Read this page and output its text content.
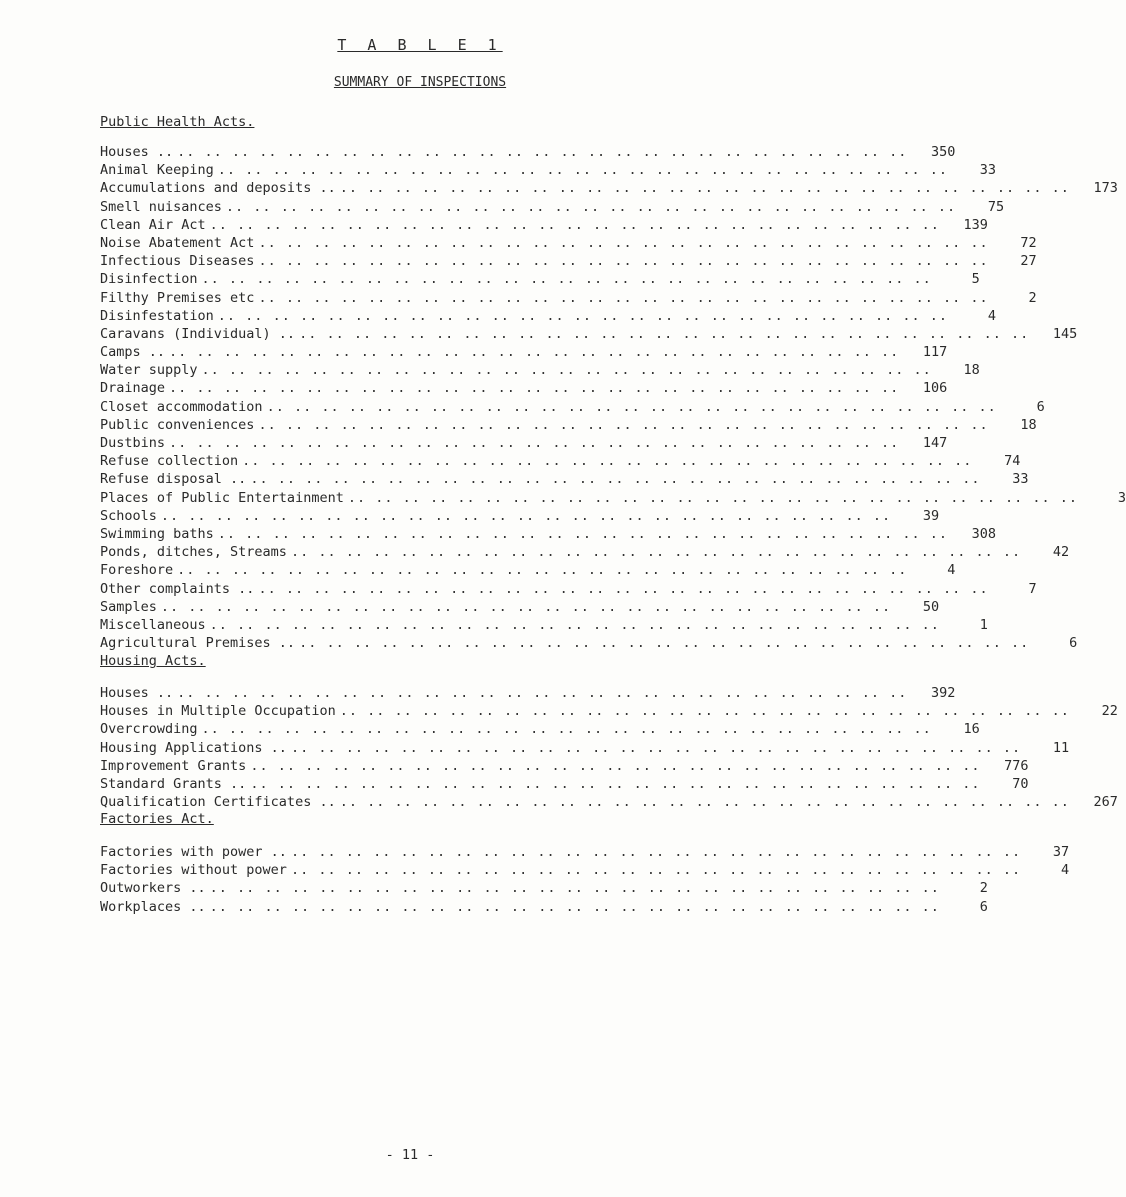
T A B L E 1
SUMMARY OF INSPECTIONS
Public Health Acts.
Houses .. .. .. .. .. .. .. .. .. .. .. .. .. .. .. .. .. .. .. .. .. .. .. .. .. .. .. ..	350
Animal Keeping .. .. .. .. .. .. .. .. .. .. .. .. .. .. .. .. .. .. .. .. .. .. .. .. .. .. ..	33
Accumulations and deposits .. .. .. .. .. .. .. .. .. .. .. .. .. .. .. .. .. .. .. .. .. .. .. .. .. .. .. ..	173
Smell nuisances .. .. .. .. .. .. .. .. .. .. .. .. .. .. .. .. .. .. .. .. .. .. .. .. .. .. ..	75
Clean Air Act .. .. .. .. .. .. .. .. .. .. .. .. .. .. .. .. .. .. .. .. .. .. .. .. .. .. ..	139
Noise Abatement Act .. .. .. .. .. .. .. .. .. .. .. .. .. .. .. .. .. .. .. .. .. .. .. .. .. .. ..	72
Infectious Diseases .. .. .. .. .. .. .. .. .. .. .. .. .. .. .. .. .. .. .. .. .. .. .. .. .. .. ..	27
Disinfection .. .. .. .. .. .. .. .. .. .. .. .. .. .. .. .. .. .. .. .. .. .. .. .. .. .. ..	5
Filthy Premises etc .. .. .. .. .. .. .. .. .. .. .. .. .. .. .. .. .. .. .. .. .. .. .. .. .. .. ..	2
Disinfestation .. .. .. .. .. .. .. .. .. .. .. .. .. .. .. .. .. .. .. .. .. .. .. .. .. .. ..	4
Caravans (Individual) .. .. .. .. .. .. .. .. .. .. .. .. .. .. .. .. .. .. .. .. .. .. .. .. .. .. .. ..	145
Camps .. .. .. .. .. .. .. .. .. .. .. .. .. .. .. .. .. .. .. .. .. .. .. .. .. .. .. ..	117
Water supply .. .. .. .. .. .. .. .. .. .. .. .. .. .. .. .. .. .. .. .. .. .. .. .. .. .. ..	18
Drainage .. .. .. .. .. .. .. .. .. .. .. .. .. .. .. .. .. .. .. .. .. .. .. .. .. .. ..	106
Closet accommodation .. .. .. .. .. .. .. .. .. .. .. .. .. .. .. .. .. .. .. .. .. .. .. .. .. .. ..	6
Public conveniences .. .. .. .. .. .. .. .. .. .. .. .. .. .. .. .. .. .. .. .. .. .. .. .. .. .. ..	18
Dustbins .. .. .. .. .. .. .. .. .. .. .. .. .. .. .. .. .. .. .. .. .. .. .. .. .. .. ..	147
Refuse collection .. .. .. .. .. .. .. .. .. .. .. .. .. .. .. .. .. .. .. .. .. .. .. .. .. .. ..	74
Refuse disposal .. .. .. .. .. .. .. .. .. .. .. .. .. .. .. .. .. .. .. .. .. .. .. .. .. .. .. ..	33
Places of Public Entertainment .. .. .. .. .. .. .. .. .. .. .. .. .. .. .. .. .. .. .. .. .. .. .. .. .. .. ..	3
Schools .. .. .. .. .. .. .. .. .. .. .. .. .. .. .. .. .. .. .. .. .. .. .. .. .. .. ..	39
Swimming baths .. .. .. .. .. .. .. .. .. .. .. .. .. .. .. .. .. .. .. .. .. .. .. .. .. .. ..	308
Ponds, ditches, Streams .. .. .. .. .. .. .. .. .. .. .. .. .. .. .. .. .. .. .. .. .. .. .. .. .. .. ..	42
Foreshore .. .. .. .. .. .. .. .. .. .. .. .. .. .. .. .. .. .. .. .. .. .. .. .. .. .. ..	4
Other complaints .. .. .. .. .. .. .. .. .. .. .. .. .. .. .. .. .. .. .. .. .. .. .. .. .. .. .. ..	7
Samples .. .. .. .. .. .. .. .. .. .. .. .. .. .. .. .. .. .. .. .. .. .. .. .. .. .. ..	50
Miscellaneous .. .. .. .. .. .. .. .. .. .. .. .. .. .. .. .. .. .. .. .. .. .. .. .. .. .. ..	1
Agricultural Premises .. .. .. .. .. .. .. .. .. .. .. .. .. .. .. .. .. .. .. .. .. .. .. .. .. .. .. ..	6
Housing Acts.
Houses .. .. .. .. .. .. .. .. .. .. .. .. .. .. .. .. .. .. .. .. .. .. .. .. .. .. .. ..	392
Houses in Multiple Occupation .. .. .. .. .. .. .. .. .. .. .. .. .. .. .. .. .. .. .. .. .. .. .. .. .. .. ..	22
Overcrowding .. .. .. .. .. .. .. .. .. .. .. .. .. .. .. .. .. .. .. .. .. .. .. .. .. .. ..	16
Housing Applications .. .. .. .. .. .. .. .. .. .. .. .. .. .. .. .. .. .. .. .. .. .. .. .. .. .. .. ..	11
Improvement Grants .. .. .. .. .. .. .. .. .. .. .. .. .. .. .. .. .. .. .. .. .. .. .. .. .. .. ..	776
Standard Grants .. .. .. .. .. .. .. .. .. .. .. .. .. .. .. .. .. .. .. .. .. .. .. .. .. .. .. ..	70
Qualification Certificates .. .. .. .. .. .. .. .. .. .. .. .. .. .. .. .. .. .. .. .. .. .. .. .. .. .. .. ..	267
Factories Act.
Factories with power .. .. .. .. .. .. .. .. .. .. .. .. .. .. .. .. .. .. .. .. .. .. .. .. .. .. .. ..	37
Factories without power .. .. .. .. .. .. .. .. .. .. .. .. .. .. .. .. .. .. .. .. .. .. .. .. .. .. ..	4
Outworkers .. .. .. .. .. .. .. .. .. .. .. .. .. .. .. .. .. .. .. .. .. .. .. .. .. .. .. ..	2
Workplaces .. .. .. .. .. .. .. .. .. .. .. .. .. .. .. .. .. .. .. .. .. .. .. .. .. .. .. ..	6
- 11 -
